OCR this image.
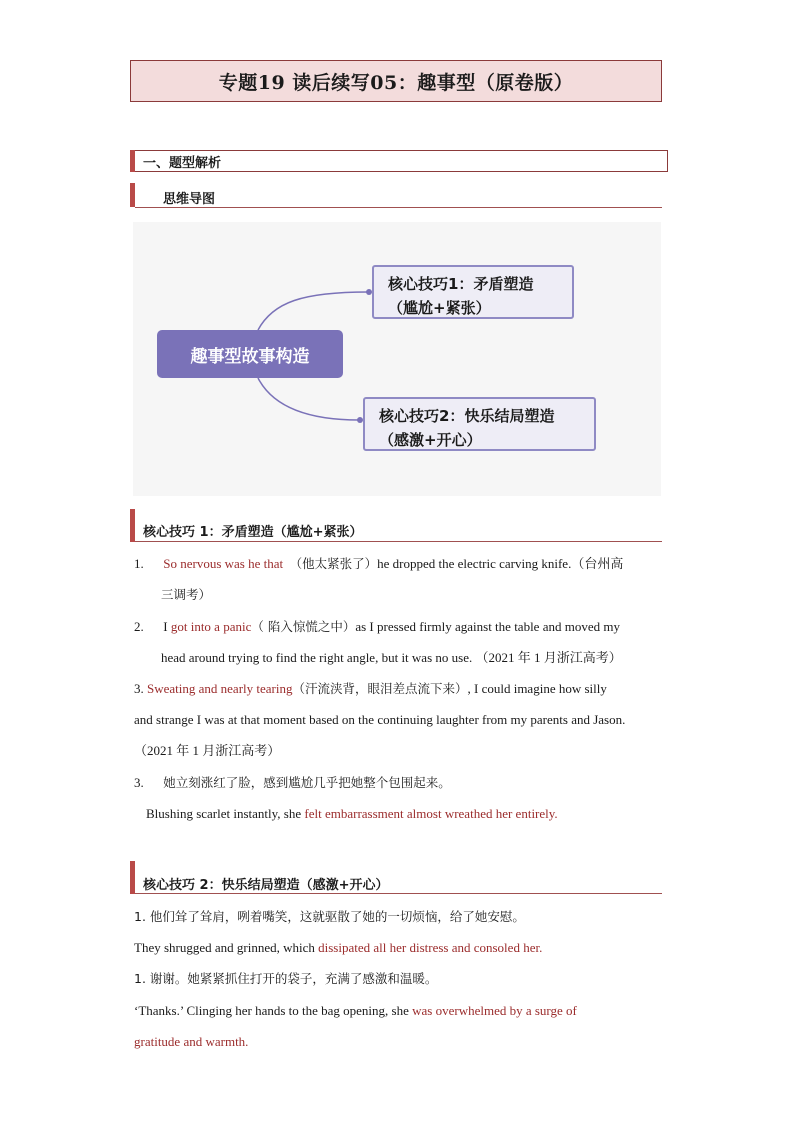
专题19 读后续写05：趣事型（原卷版）
一、题型解析
思维导图
趣事型故事构造
核心技巧1：矛盾塑造
（尴尬+紧张）
核心技巧2：快乐结局塑造
（感激+开心）
核心技巧 1：矛盾塑造（尴尬+紧张）
1. So nervous was he that （他太紧张了）he dropped the electric carving knife.（台州高
三调考）
2. I got into a panic（ 陷入惊慌之中）as I pressed firmly against the table and moved my
head around trying to find the right angle, but it was no use. （2021 年 1 月浙江高考）
3. Sweating and nearly tearing（汗流浃背，眼泪差点流下来）, I could imagine how silly
and strange I was at that moment based on the continuing laughter from my parents and Jason.
（2021 年 1 月浙江高考）
3. 她立刻涨红了脸，感到尴尬几乎把她整个包围起来。
Blushing scarlet instantly, she felt embarrassment almost wreathed her entirely.
核心技巧 2：快乐结局塑造（感激+开心）
1. 他们耸了耸肩，咧着嘴笑，这就驱散了她的一切烦恼，给了她安慰。
They shrugged and grinned, which dissipated all her distress and consoled her.
1. 谢谢。她紧紧抓住打开的袋子，充满了感激和温暖。
‘Thanks.’ Clinging her hands to the bag opening, she was overwhelmed by a surge of
gratitude and warmth.
